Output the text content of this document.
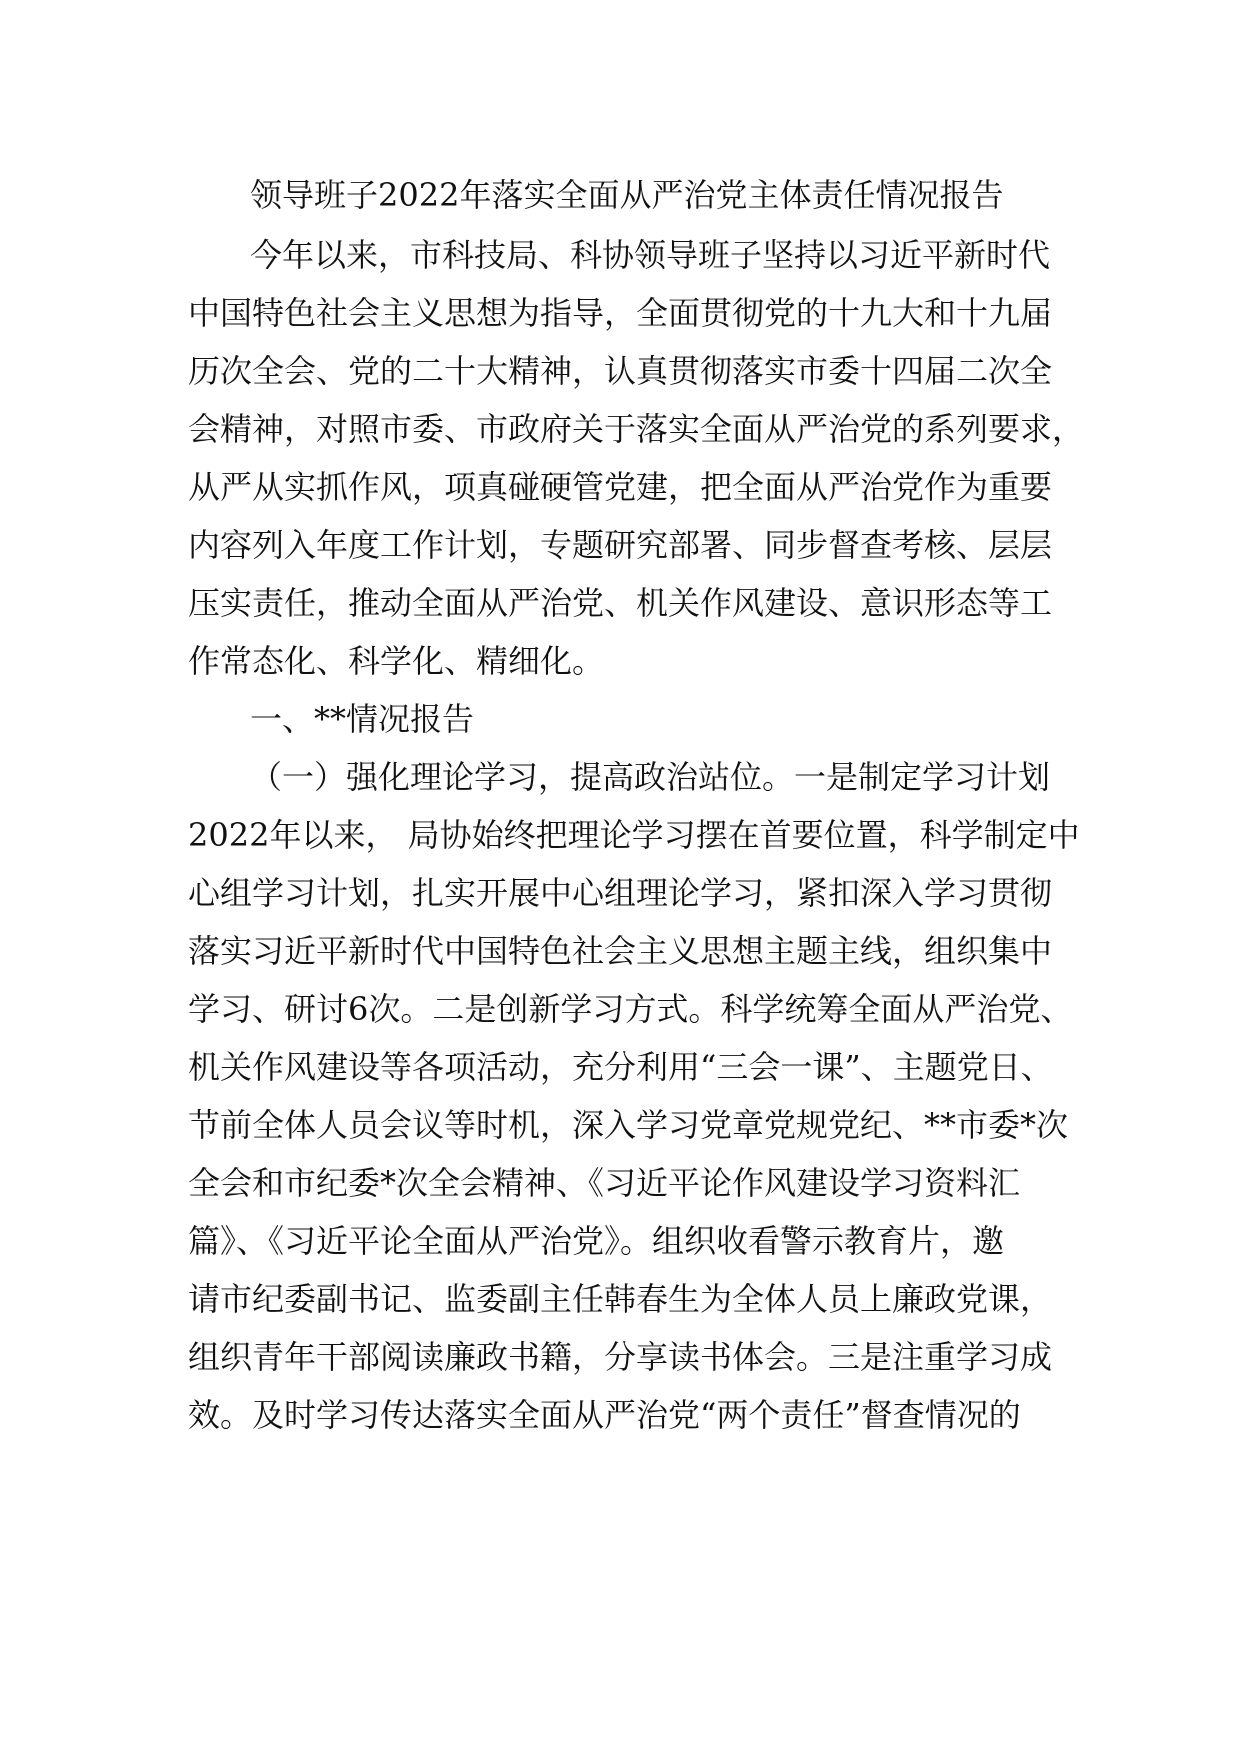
领导班子2022年落实全面从严治党主体责任情况报告
今年以来，市科技局、科协领导班子坚持以习近平新时代
中国特色社会主义思想为指导，全面贯彻党的十九大和十九届
历次全会、党的二十大精神，认真贯彻落实市委十四届二次全
会精神，对照市委、市政府关于落实全面从严治党的系列要求，
从严从实抓作风，项真碰硬管党建，把全面从严治党作为重要
内容列入年度工作计划，专题研究部署、同步督查考核、层层
压实责任，推动全面从严治党、机关作风建设、意识形态等工
作常态化、科学化、精细化。
一、**情况报告
（一）强化理论学习，提高政治站位。一是制定学习计划
2022年以来， 局协始终把理论学习摆在首要位置，科学制定中
心组学习计划，扎实开展中心组理论学习，紧扣深入学习贯彻
落实习近平新时代中国特色社会主义思想主题主线，组织集中
学习、研讨6次。二是创新学习方式。科学统筹全面从严治党、
机关作风建设等各项活动，充分利用“三会一课”、主题党日、
节前全体人员会议等时机，深入学习党章党规党纪、**市委*次
全会和市纪委*次全会精神、《习近平论作风建设学习资料汇
篇》、《习近平论全面从严治党》。组织收看警示教育片，邀
请市纪委副书记、监委副主任韩春生为全体人员上廉政党课，
组织青年干部阅读廉政书籍，分享读书体会。三是注重学习成
效。及时学习传达落实全面从严治党“两个责任”督查情况的
